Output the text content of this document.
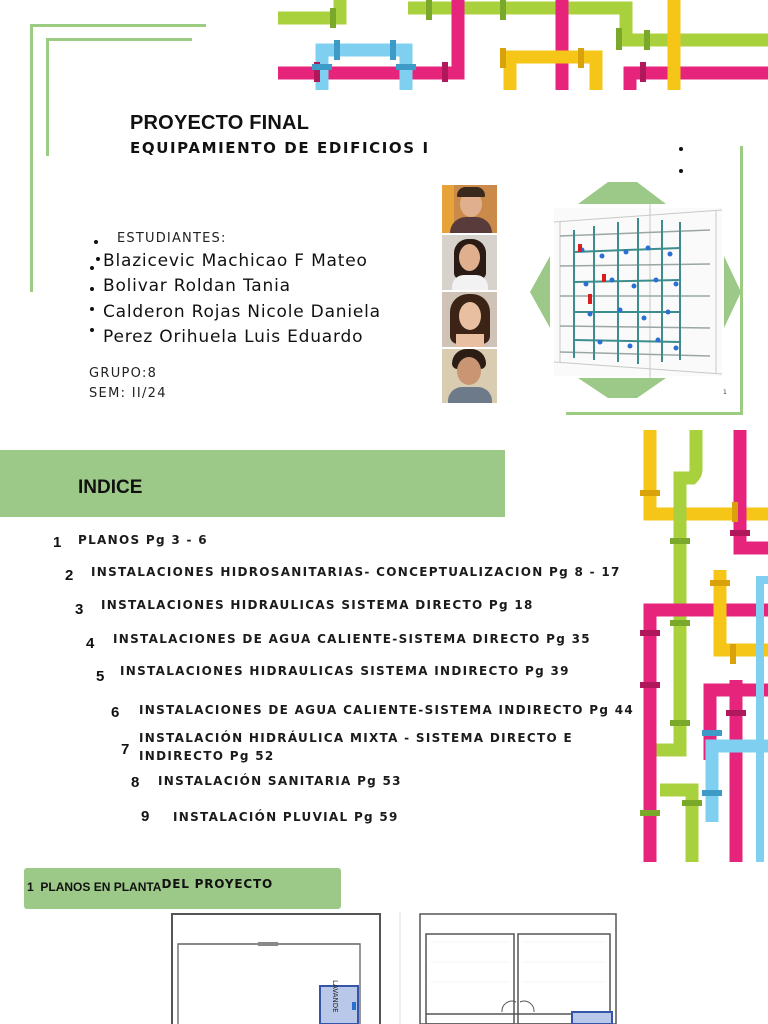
PROYECTO FINAL
EQUIPAMIENTO DE EDIFICIOS I
ESTUDIANTES:
Blazicevic Machicao F Mateo
Bolivar Roldan Tania
Calderon Rojas Nicole Daniela
Perez Orihuela Luis Eduardo
GRUPO:8
SEM: II/24	1
INDICE
1 PLANOS Pg 3 - 6
2 INSTALACIONES HIDROSANITARIAS- CONCEPTUALIZACION Pg 8 - 17
3 INSTALACIONES HIDRAULICAS SISTEMA DIRECTO Pg 18
4 INSTALACIONES DE AGUA CALIENTE-SISTEMA DIRECTO Pg 35
5 INSTALACIONES HIDRAULICAS SISTEMA INDIRECTO Pg 39
6 INSTALACIONES DE AGUA CALIENTE-SISTEMA INDIRECTO Pg 44
7
INSTALACIÓN HIDRÁULICA MIXTA - SISTEMA DIRECTO E
INDIRECTO Pg 52
8 INSTALACIÓN SANITARIA Pg 53
9 INSTALACIÓN PLUVIAL Pg 59
1 PLANOS EN PLANTADEL PROYECTO
LAVANDE
